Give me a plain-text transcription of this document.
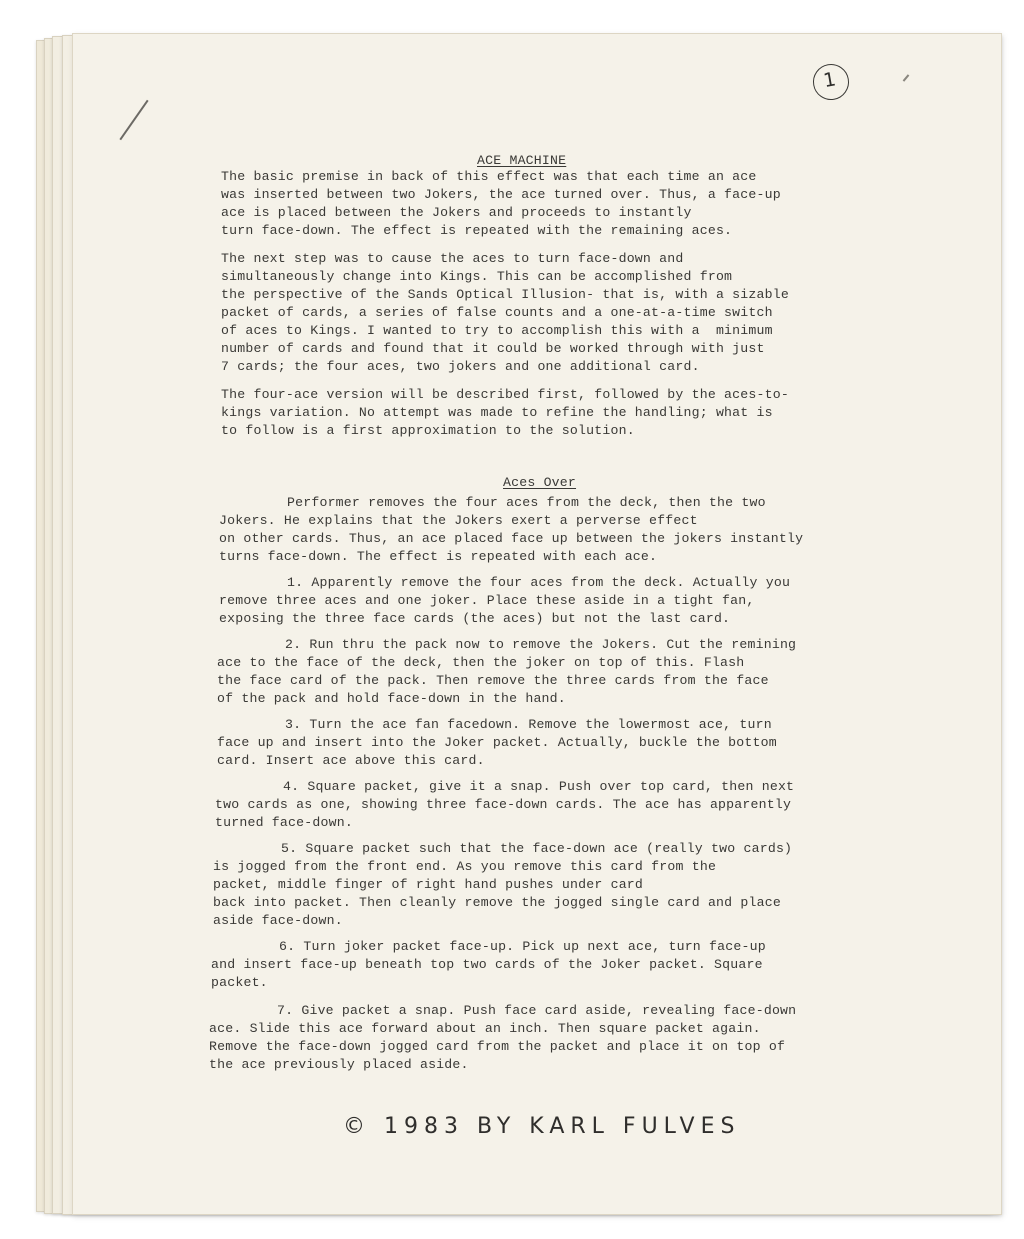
1
ACE MACHINE
The basic premise in back of this effect was that each time an ace
was inserted between two Jokers, the ace turned over. Thus, a face-up
ace is placed between the Jokers and proceeds to instantly
turn face-down. The effect is repeated with the remaining aces.
The next step was to cause the aces to turn face-down and
simultaneously change into Kings. This can be accomplished from
the perspective of the Sands Optical Illusion- that is, with a sizable
packet of cards, a series of false counts and a one-at-a-time switch
of aces to Kings. I wanted to try to accomplish this with a  minimum
number of cards and found that it could be worked through with just
7 cards; the four aces, two jokers and one additional card.
The four-ace version will be described first, followed by the aces-to-
kings variation. No attempt was made to refine the handling; what is
to follow is a first approximation to the solution.
Aces Over
Performer removes the four aces from the deck, then the two
Jokers. He explains that the Jokers exert a perverse effect
on other cards. Thus, an ace placed face up between the jokers instantly
turns face-down. The effect is repeated with each ace.
1. Apparently remove the four aces from the deck. Actually you
remove three aces and one joker. Place these aside in a tight fan,
exposing the three face cards (the aces) but not the last card.
2. Run thru the pack now to remove the Jokers. Cut the remining
ace to the face of the deck, then the joker on top of this. Flash
the face card of the pack. Then remove the three cards from the face
of the pack and hold face-down in the hand.
3. Turn the ace fan facedown. Remove the lowermost ace, turn
face up and insert into the Joker packet. Actually, buckle the bottom
card. Insert ace above this card.
4. Square packet, give it a snap. Push over top card, then next
two cards as one, showing three face-down cards. The ace has apparently
turned face-down.
5. Square packet such that the face-down ace (really two cards)
is jogged from the front end. As you remove this card from the
packet, middle finger of right hand pushes under card
back into packet. Then cleanly remove the jogged single card and place
aside face-down.
6. Turn joker packet face-up. Pick up next ace, turn face-up
and insert face-up beneath top two cards of the Joker packet. Square
packet.
7. Give packet a snap. Push face card aside, revealing face-down
ace. Slide this ace forward about an inch. Then square packet again.
Remove the face-down jogged card from the packet and place it on top of
the ace previously placed aside.
© 1983 BY KARL FULVES
